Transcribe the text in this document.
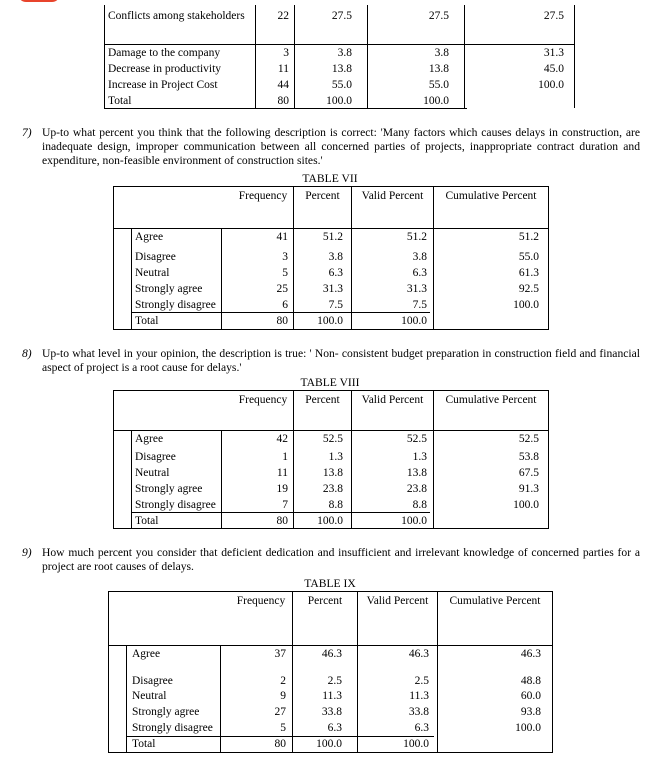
Conflicts among stakeholders	22	27.5	27.5	27.5
Damage to the company	3	3.8	3.8	31.3
Decrease in productivity	11	13.8	13.8	45.0
Increase in Project Cost	44	55.0	55.0	100.0
Total	80	100.0	100.0
7) Up-to what percent you think that the following description is correct: 'Many factors which causes delays in construction, are inadequate design, improper communication between all concerned parties of projects, inappropriate contract duration and expenditure, non-feasible environment of construction sites.'
TABLE VII
Frequency	Percent	Valid Percent	Cumulative Percent
Agree	41	51.2	51.2	51.2
Disagree	3	3.8	3.8	55.0
Neutral	5	6.3	6.3	61.3
Strongly agree	25	31.3	31.3	92.5
Strongly disagree	6	7.5	7.5	100.0
Total	80	100.0	100.0
8) Up-to what level in your opinion, the description is true: ' Non- consistent budget preparation in construction field and financial aspect of project is a root cause for delays.'
TABLE VIII
Frequency	Percent	Valid Percent	Cumulative Percent
Agree	42	52.5	52.5	52.5
Disagree	1	1.3	1.3	53.8
Neutral	11	13.8	13.8	67.5
Strongly agree	19	23.8	23.8	91.3
Strongly disagree	7	8.8	8.8	100.0
Total	80	100.0	100.0
9) How much percent you consider that deficient dedication and insufficient and irrelevant knowledge of concerned parties for a project are root causes of delays.
TABLE IX
Frequency	Percent	Valid Percent	Cumulative Percent
Agree	37	46.3	46.3	46.3
Disagree	2	2.5	2.5	48.8
Neutral	9	11.3	11.3	60.0
Strongly agree	27	33.8	33.8	93.8
Strongly disagree	5	6.3	6.3	100.0
Total	80	100.0	100.0
